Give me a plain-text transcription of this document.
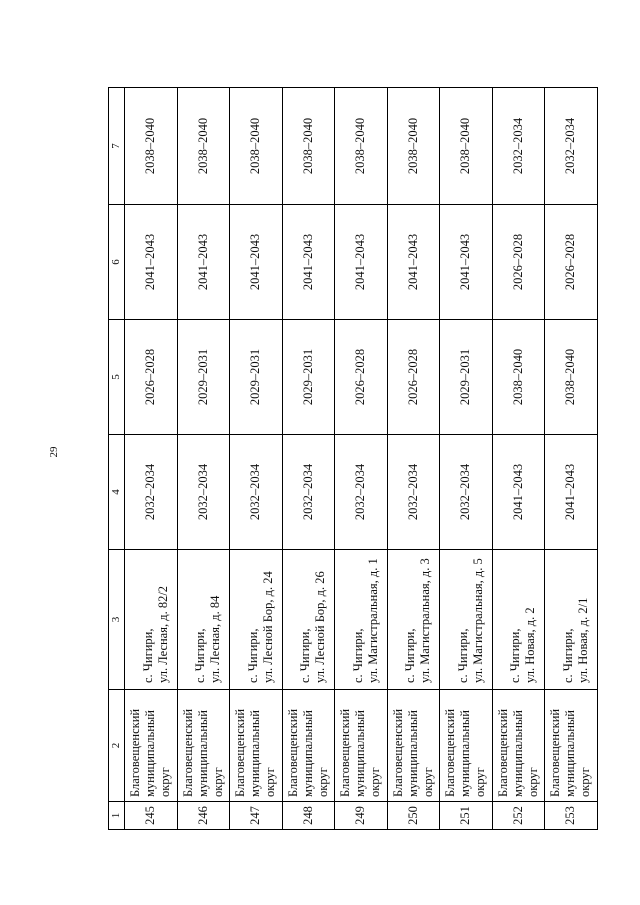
29
1	2	3	4	5	6	7
245	Благовещенский муниципальный округ	с. Чигири, ул. Лесная, д. 82/2	2032–2034	2026–2028	2041–2043	2038–2040
246	Благовещенский муниципальный округ	с. Чигири, ул. Лесная, д. 84	2032–2034	2029–2031	2041–2043	2038–2040
247	Благовещенский муниципальный округ	с. Чигири, ул. Лесной Бор, д. 24	2032–2034	2029–2031	2041–2043	2038–2040
248	Благовещенский муниципальный округ	с. Чигири, ул. Лесной Бор, д. 26	2032–2034	2029–2031	2041–2043	2038–2040
249	Благовещенский муниципальный округ	с. Чигири, ул. Магистральная, д. 1	2032–2034	2026–2028	2041–2043	2038–2040
250	Благовещенский муниципальный округ	с. Чигири, ул. Магистральная, д. 3	2032–2034	2026–2028	2041–2043	2038–2040
251	Благовещенский муниципальный округ	с. Чигири, ул. Магистральная, д. 5	2032–2034	2029–2031	2041–2043	2038–2040
252	Благовещенский муниципальный округ	с. Чигири, ул. Новая, д. 2	2041–2043	2038–2040	2026–2028	2032–2034
253	Благовещенский муниципальный округ	с. Чигири, ул. Новая, д. 2/1	2041–2043	2038–2040	2026–2028	2032–2034
